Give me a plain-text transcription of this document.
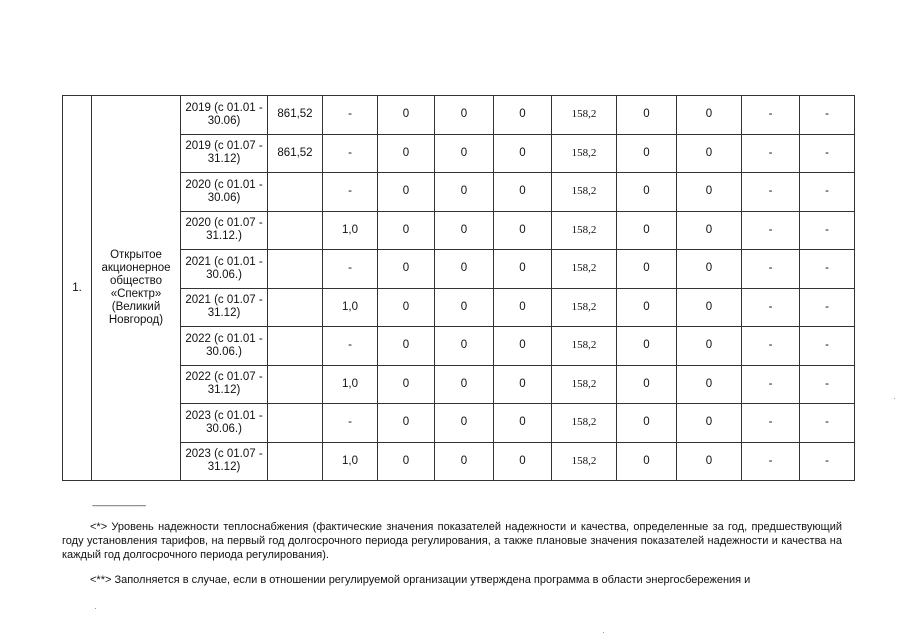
1.	Открытое акционерное общество «Спектр» (Великий Новгород)	2019 (с 01.01 - 30.06)	861,52	-	0	0	0	158,2	0	0	-	-
		2019 (с 01.07 - 31.12)	861,52	-	0	0	0	158,2	0	0	-	-
		2020 (с 01.01 - 30.06)		-	0	0	0	158,2	0	0	-	-
		2020 (с 01.07 - 31.12.)		1,0	0	0	0	158,2	0	0	-	-
		2021 (с 01.01 - 30.06.)		-	0	0	0	158,2	0	0	-	-
		2021 (с 01.07 - 31.12)		1,0	0	0	0	158,2	0	0	-	-
		2022 (с 01.01 - 30.06.)		-	0	0	0	158,2	0	0	-	-
		2022 (с 01.07 - 31.12)		1,0	0	0	0	158,2	0	0	-	-
		2023 (с 01.01 - 30.06.)		-	0	0	0	158,2	0	0	-	-
		2023 (с 01.07 - 31.12)		1,0	0	0	0	158,2	0	0	-	-
--------------------------------
<*> Уровень надежности теплоснабжения (фактические значения показателей надежности и качества, определенные за год, предшествующий году установления тарифов, на первый год долгосрочного периода регулирования, а также плановые значения показателей надежности и качества на каждый год долгосрочного периода регулирования).
<**> Заполняется в случае, если в отношении регулируемой организации утверждена программа в области энергосбережения и
